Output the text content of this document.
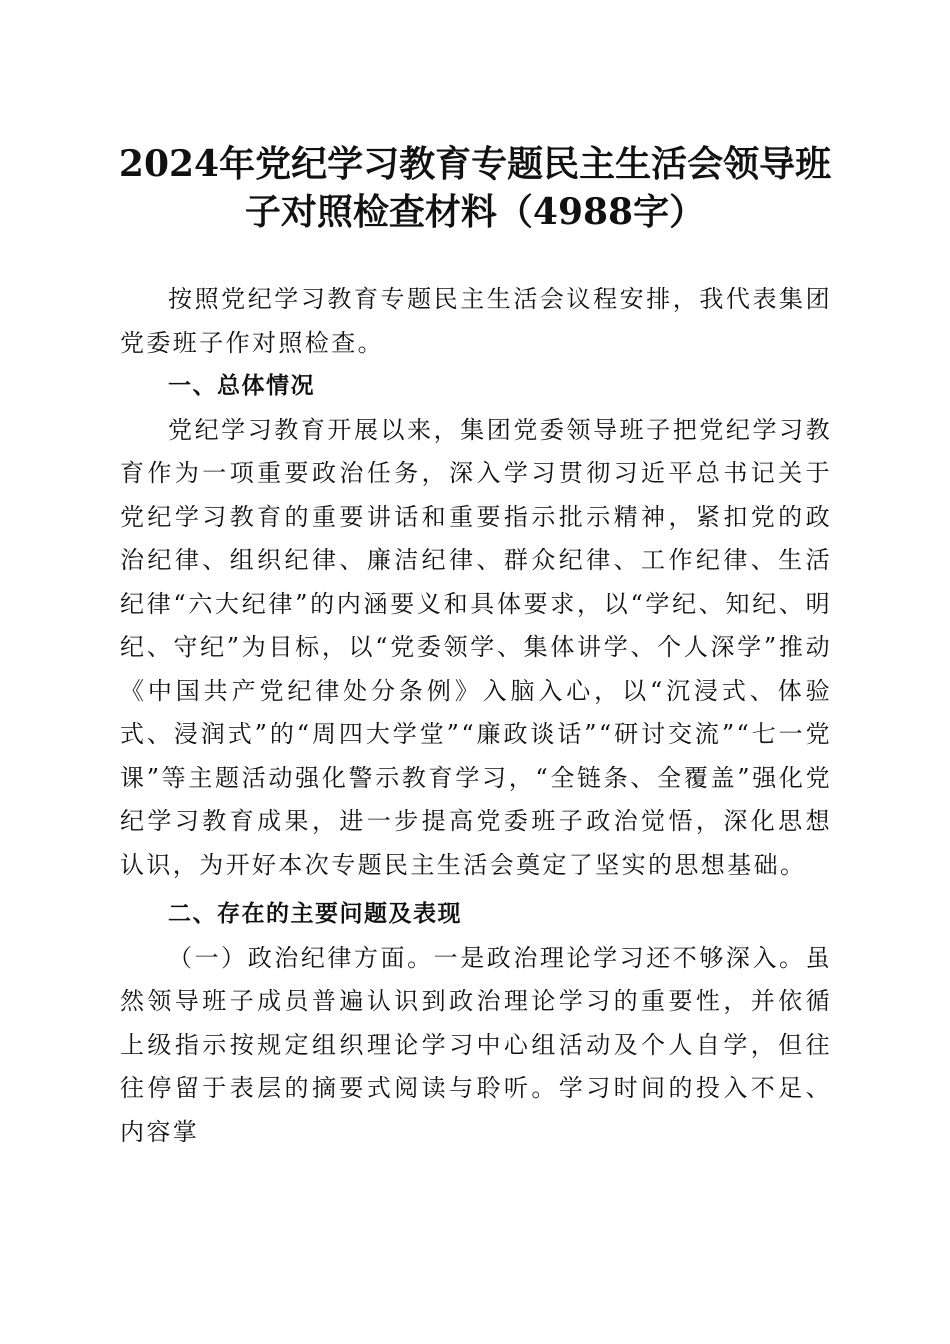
2024年党纪学习教育专题民主生活会领导班
子对照检查材料（4988字）

按照党纪学习教育专题民主生活会议程安排，我代表集团党委班子作对照检查。

一、总体情况

党纪学习教育开展以来，集团党委领导班子把党纪学习教育作为一项重要政治任务，深入学习贯彻习近平总书记关于党纪学习教育的重要讲话和重要指示批示精神，紧扣党的政治纪律、组织纪律、廉洁纪律、群众纪律、工作纪律、生活纪律“六大纪律”的内涵要义和具体要求，以“学纪、知纪、明纪、守纪”为目标，以“党委领学、集体讲学、个人深学”推动《中国共产党纪律处分条例》入脑入心，以“沉浸式、体验式、浸润式”的“周四大学堂”“廉政谈话”“研讨交流”“七一党课”等主题活动强化警示教育学习，“全链条、全覆盖”强化党纪学习教育成果，进一步提高党委班子政治觉悟，深化思想认识，为开好本次专题民主生活会奠定了坚实的思想基础。

二、存在的主要问题及表现

（一）政治纪律方面。一是政治理论学习还不够深入。虽然领导班子成员普遍认识到政治理论学习的重要性，并依循上级指示按规定组织理论学习中心组活动及个人自学，但往往停留于表层的摘要式阅读与聆听。学习时间的投入不足、内容掌
